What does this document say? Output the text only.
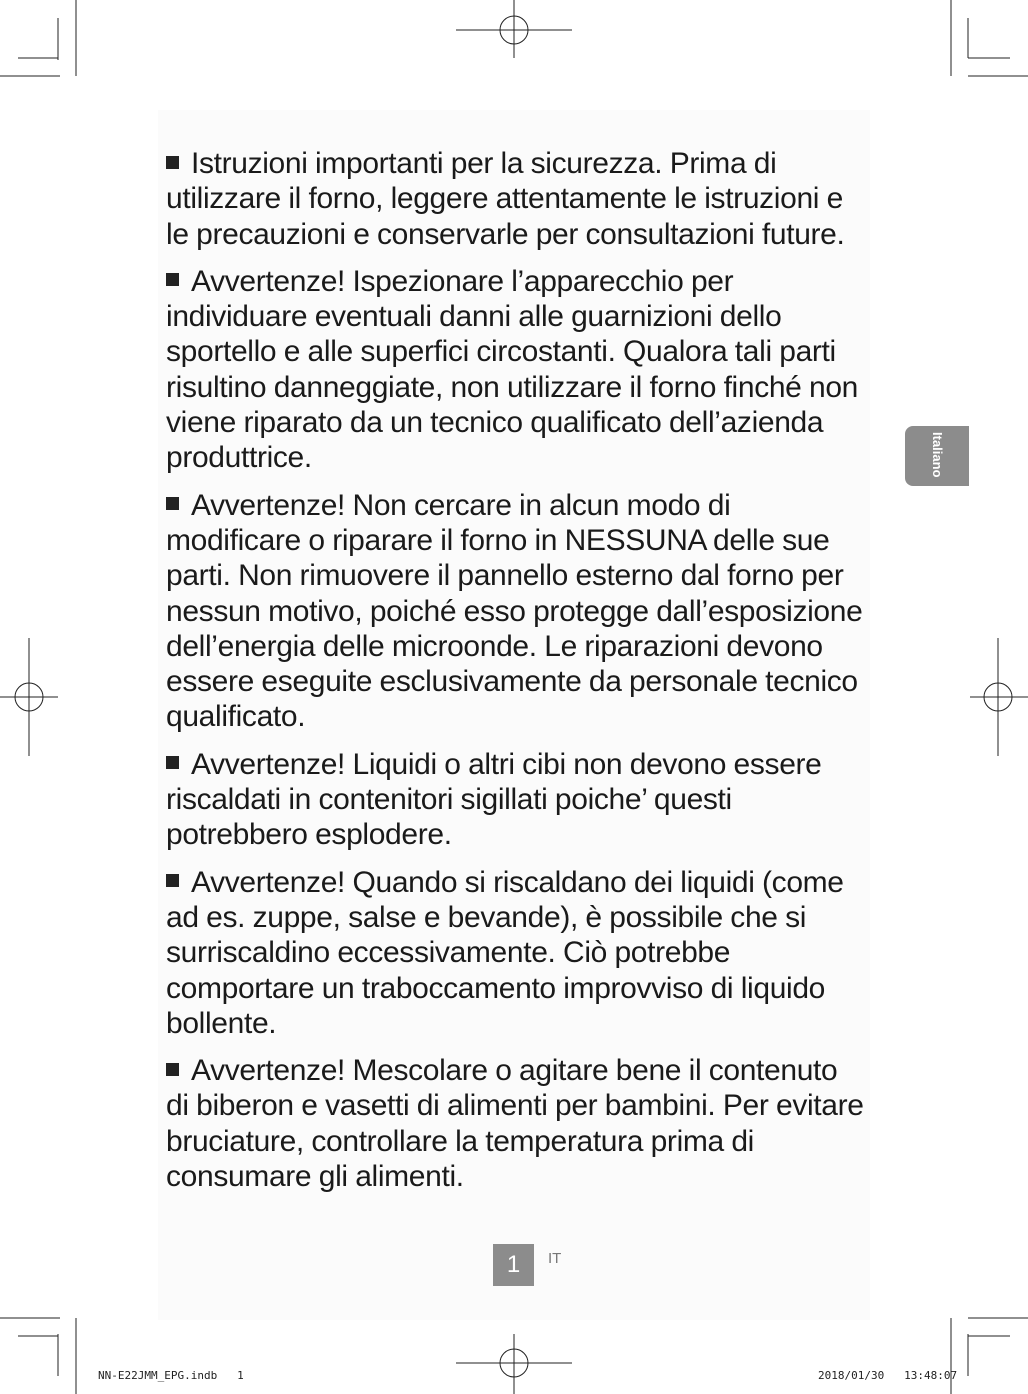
Istruzioni importanti per la sicurezza. Prima di utilizzare il forno, leggere attentamente le istruzioni e le precauzioni e conservarle per consultazioni future.

Avvertenze! Ispezionare l’apparecchio per individuare eventuali danni alle guarnizioni dello sportello e alle superfici circostanti. Qualora tali parti risultino danneggiate, non utilizzare il forno finché non viene riparato da un tecnico qualificato dell’azienda produttrice.

Avvertenze! Non cercare in alcun modo di modificare o riparare il forno in NESSUNA delle sue parti. Non rimuovere il pannello esterno dal forno per nessun motivo, poiché esso protegge dall’esposizione dell’energia delle microonde. Le riparazioni devono essere eseguite esclusivamente da personale tecnico qualificato.

Avvertenze! Liquidi o altri cibi non devono essere riscaldati in contenitori sigillati poiche’ questi potrebbero esplodere.

Avvertenze! Quando si riscaldano dei liquidi (come ad es. zuppe, salse e bevande), è possibile che si surriscaldino eccessivamente. Ciò potrebbe comportare un traboccamento improvviso di liquido bollente.

Avvertenze! Mescolare o agitare bene il contenuto di biberon e vasetti di alimenti per bambini. Per evitare bruciature, controllare la temperatura prima di consumare gli alimenti.

Italiano
1	IT
NN-E22JMM_EPG.indb   1	2018/01/30   13:48:07
